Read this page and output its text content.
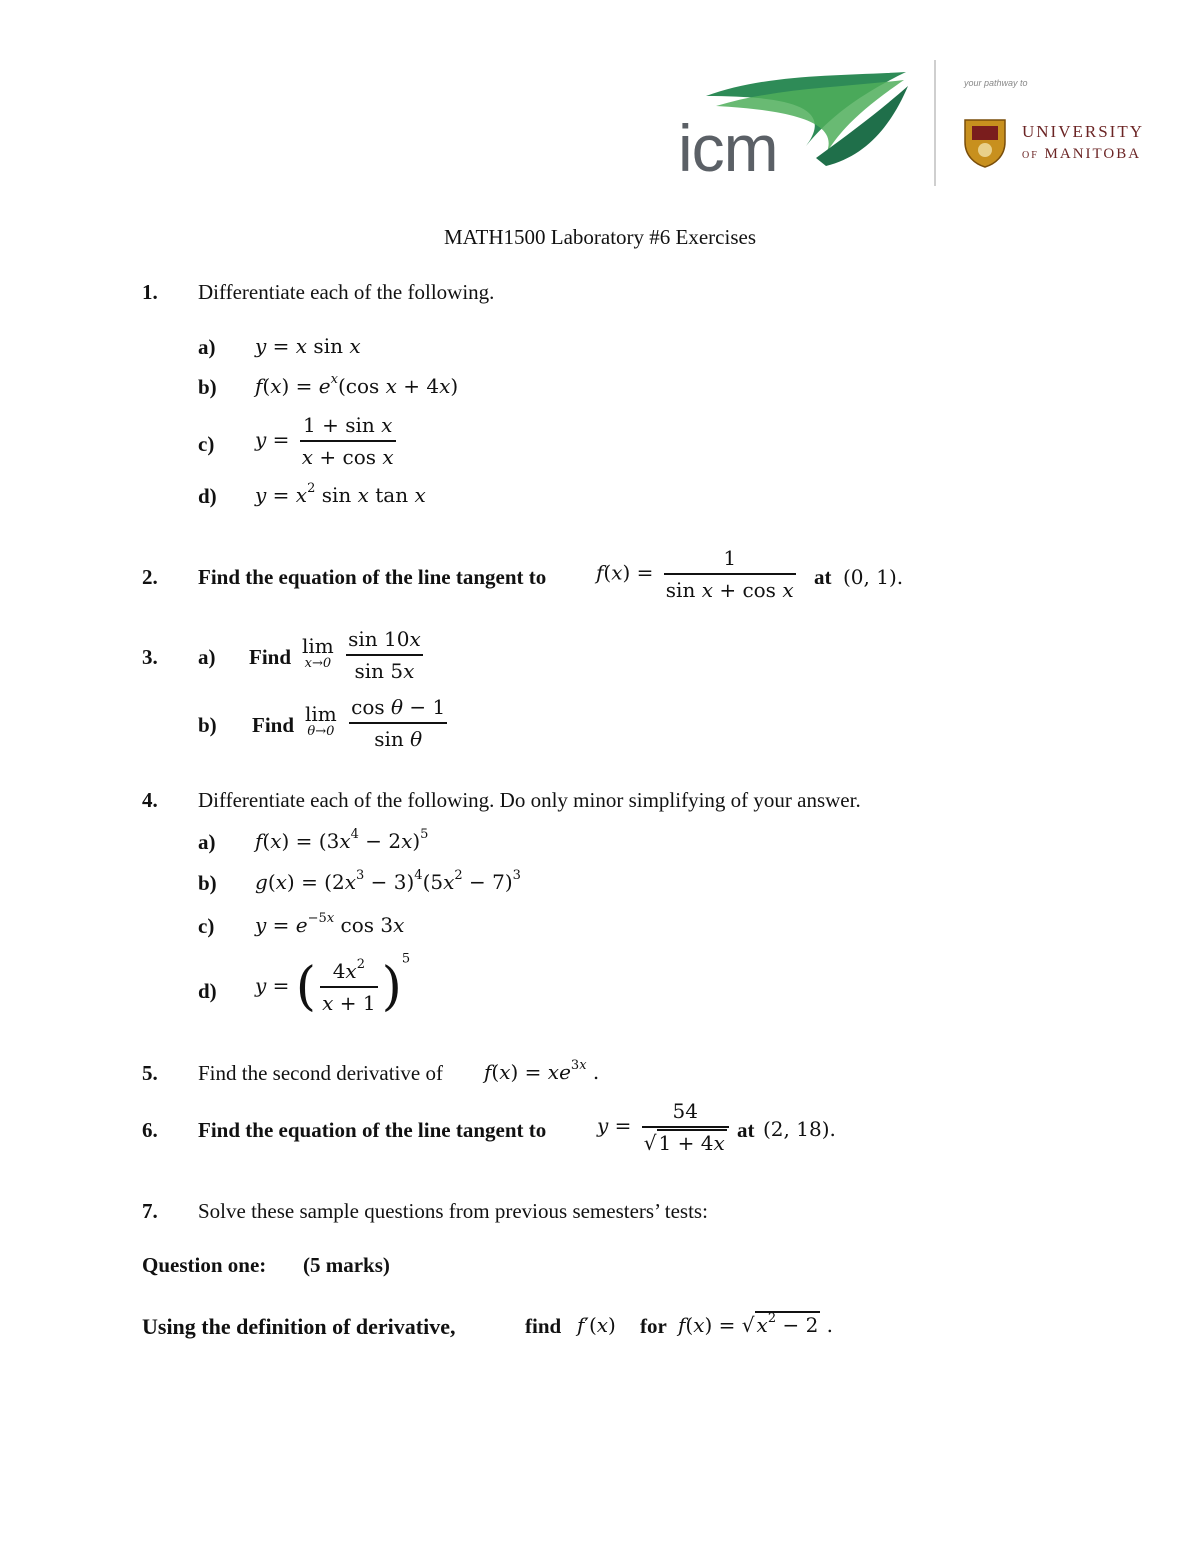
icm
your pathway to
UNIVERSITY
OF MANITOBA
MATH1500 Laboratory #6 Exercises
1. Differentiate each of the following.
a) y = x sin x
b) $f(x) = e^x(\cos$ x + 4x)
c) $y = \frac{\text{1 + sin x}}{\text{x + cos x}}$
d) $y = x^2$ sin x tan x
2. Find the equation of the line tangent to $f(x) = \frac{1}{\text{sin x + cos x}}$ at (0, 1).
3. a) Find lim
x→0
$\frac{\sin 10x}{\sin 5x}$
b) Find lim
θ→0
$\frac{\text{cos θ − 1}}{\text{sin θ}}$
4. Differentiate each of the following. Do only minor simplifying of your answer.
a) $f(x) = (3x^4 - 2x)^5$
b) $g(x) = (2x^3 - 3)^4(5x^2 - 7)^3$
c) $y = e^{-5x}$ cos 3x
d) y = ( $\frac{4x^2}{x + 1} )^5$
5. Find the second derivative of $f(x) = xe^{3x}$ .
6. Find the equation of the line tangent to	$y = \frac{54}{√ 1 + 4x}$ at (2, 18).
7. Solve these sample questions from previous semesters’ tests:
Question one: (5 marks)
Using the definition of derivative,	find f′(x) for f(x) = √ $x^2 - 2$ .
